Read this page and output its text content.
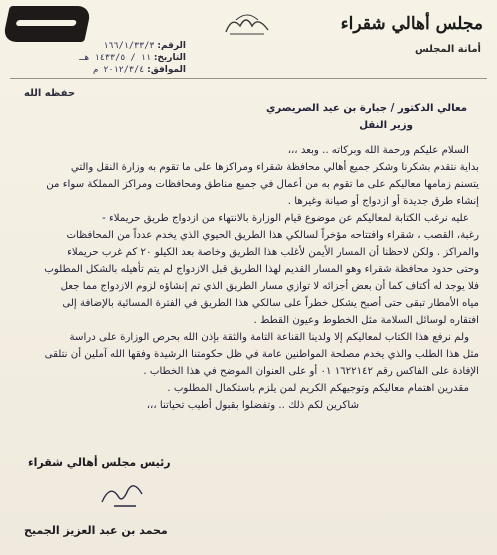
مجلس أهالي شقراء
أمانة المجلس
الرقم: ١٦٦/١/٣٣/٣
التاريخ: ١١ / ١٤٣٣/٥ هـ
الموافق: ٢٠١٢/٣/٤ م
حفظه الله
معالي الدكتور / جبارة بن عيد الصريصري
وزير النقل
السلام عليكم ورحمة الله وبركاته .. وبعد ،،،
بداية نتقدم بشكرنا وشكر جميع أهالي محافظة شقراء ومراكزها على ما تقوم به وزارة النقل والتي
يتسنم زمامها معاليكم على ما تقوم به من أعمال في جميع مناطق ومحافظات ومراكز المملكة سواء من
إنشاء طرق جديدة أو ازدواج أو صيانة وغيرها .
عليه نرغب الكتابة لمعاليكم عن موضوع قيام الوزارة بالانتهاء من ازدواج طريق حريملاء -
رغبة، القصب ، شقراء وافتتاحه مؤخراً لسالكي هذا الطريق الحيوي الذي يخدم عدداً من المحافظات
والمراكز . ولكن لاحظنا أن المسار الأيمن لأغلب هذا الطريق وخاصة بعد الكيلو ٢٠ كم غرب حريملاء
وحتى حدود محافظة شقراء وهو المسار القديم لهذا الطريق قبل الازدواج لم يتم تأهيله بالشكل المطلوب
فلا يوجد له أكتاف كما أن بعض أجزائه لا توازي مسار الطريق الذي تم إنشاؤه لزوم الازدواج مما جعل
مياه الأمطار تبقى حتى أصبح يشكل خطراً على سالكي هذا الطريق في الفترة المسائية بالإضافة إلى
افتقاره لوسائل السلامة مثل الخطوط وعيون القطط .
ولم نرفع هذا الكتاب لمعاليكم إلا ولدينا القناعة التامة والثقة بإذن الله بحرص الوزارة على دراسة
مثل هذا الطلب والذي يخدم مصلحة المواطنين عامة في ظل حكومتنا الرشيدة وفقها الله آملين أن نتلقى
الإفادة على الفاكس رقم ١٦٢٢١٤٢ ٠١ أو على العنوان الموضح في هذا الخطاب .
مقدرين اهتمام معاليكم وتوجيهكم الكريم لمن يلزم باستكمال المطلوب .
شاكرين لكم ذلك .. وتفضلوا بقبول أطيب تحياتنا ،،،
رئيس مجلس أهالي شقراء
محمد بن عبد العزيز الجميح
